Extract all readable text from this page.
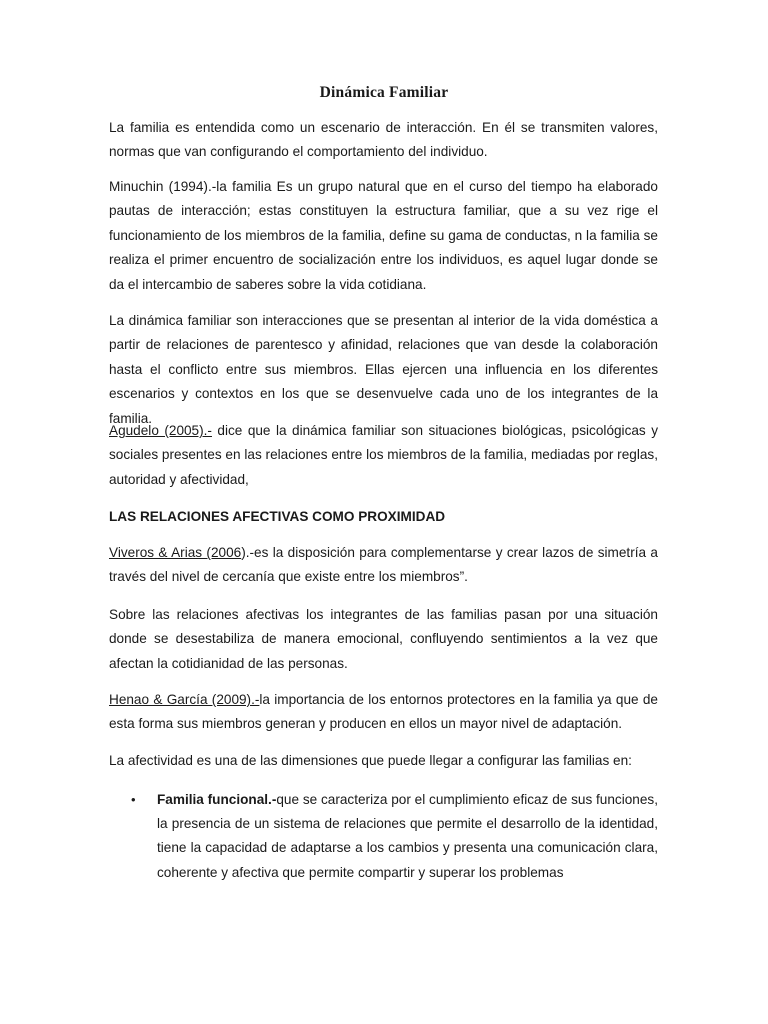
Dinámica Familiar

La familia es entendida como un escenario de interacción. En él se transmiten valores, normas que van configurando el comportamiento del individuo.

Minuchin (1994).-la familia Es un grupo natural que en el curso del tiempo ha elaborado pautas de interacción; estas constituyen la estructura familiar, que a su vez rige el funcionamiento de los miembros de la familia, define su gama de conductas, n la familia se realiza el primer encuentro de socialización entre los individuos, es aquel lugar donde se da el intercambio de saberes sobre la vida cotidiana.

La dinámica familiar son interacciones que se presentan al interior de la vida doméstica a partir de relaciones de parentesco y afinidad, relaciones que van desde la colaboración hasta el conflicto entre sus miembros. Ellas ejercen una influencia en los diferentes escenarios y contextos en los que se desenvuelve cada uno de los integrantes de la familia.

Agudelo (2005).- dice que la dinámica familiar son situaciones biológicas, psicológicas y sociales presentes en las relaciones entre los miembros de la familia, mediadas por reglas, autoridad y afectividad,

LAS RELACIONES AFECTIVAS COMO PROXIMIDAD

Viveros & Arias (2006).-es la disposición para complementarse y crear lazos de simetría a través del nivel de cercanía que existe entre los miembros”.

Sobre las relaciones afectivas los integrantes de las familias pasan por una situación donde se desestabiliza de manera emocional, confluyendo sentimientos a la vez que afectan la cotidianidad de las personas.

Henao & García (2009).-la importancia de los entornos protectores en la familia ya que de esta forma sus miembros generan y producen en ellos un mayor nivel de adaptación.

La afectividad es una de las dimensiones que puede llegar a configurar las familias en:

• Familia funcional.-que se caracteriza por el cumplimiento eficaz de sus funciones, la presencia de un sistema de relaciones que permite el desarrollo de la identidad, tiene la capacidad de adaptarse a los cambios y presenta una comunicación clara, coherente y afectiva que permite compartir y superar los problemas
